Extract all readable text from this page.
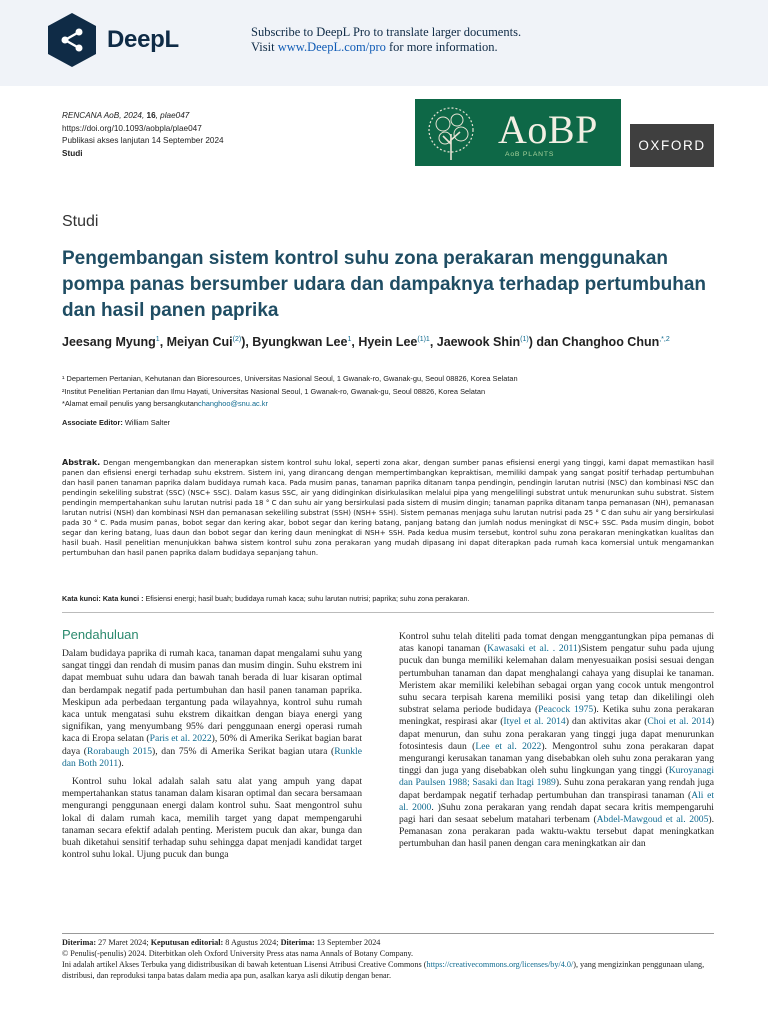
DeepL	Subscribe to DeepL Pro to translate larger documents.
Visit www.DeepL.com/pro for more information.
RENCANA AoB, 2024, 16, plae047
https://doi.org/10.1093/aobpla/plae047
Publikasi akses lanjutan 14 September 2024
Studi
AoBP
AoB PLANTS
OXFORD
Studi
Pengembangan sistem kontrol suhu zona perakaran menggunakan pompa panas bersumber udara dan dampaknya terhadap pertumbuhan dan hasil panen paprika
Jeesang Myung$^1$, Meiyan Cui$^{(2)}$), Byungkwan Lee$^1$, Hyein Lee$^{(1)1}$, Jaewook Shin$^{(1)}$) dan Changhoo Chun$^{,*,2}$
¹ Departemen Pertanian, Kehutanan dan Bioresources, Universitas Nasional Seoul, 1 Gwanak-ro, Gwanak-gu, Seoul 08826, Korea Selatan
²Institut Penelitian Pertanian dan Ilmu Hayati, Universitas Nasional Seoul, 1 Gwanak-ro, Gwanak-gu, Seoul 08826, Korea Selatan
*Alamat email penulis yang bersangkutanchanghoo@snu.ac.kr
Associate Editor: William Salter
Abstrak. Dengan mengembangkan dan menerapkan sistem kontrol suhu lokal, seperti zona akar, dengan sumber panas efisiensi energi yang tinggi, kami dapat memastikan hasil panen dan efisiensi energi terhadap suhu ekstrem. Sistem ini, yang dirancang dengan mempertimbangkan kepraktisan, memiliki dampak yang sangat positif terhadap pertumbuhan dan hasil panen tanaman paprika dalam budidaya rumah kaca. Pada musim panas, tanaman paprika ditanam tanpa pendingin, pendingin larutan nutrisi (NSC) dan kombinasi NSC dan pendingin sekeliling substrat (SSC) (NSC+ SSC). Dalam kasus SSC, air yang didinginkan disirkulasikan melalui pipa yang mengelilingi substrat untuk menurunkan suhu substrat. Sistem pendingin mempertahankan suhu larutan nutrisi pada 18 ° C dan suhu air yang bersirkulasi pada sistem di musim dingin; tanaman paprika ditanam tanpa pemanasan (NH), pemanasan larutan nutrisi (NSH) dan kombinasi NSH dan pemanasan sekeliling substrat (SSH) (NSH+ SSH). Sistem pemanas menjaga suhu larutan nutrisi pada 25 ° C dan suhu air yang bersirkulasi pada 30 ° C. Pada musim panas, bobot segar dan kering akar, bobot segar dan kering batang, panjang batang dan jumlah nodus meningkat di NSC+ SSC. Pada musim dingin, bobot segar dan kering batang, luas daun dan bobot segar dan kering daun meningkat di NSH+ SSH. Pada kedua musim tersebut, kontrol suhu zona perakaran meningkatkan kualitas dan hasil buah. Hasil penelitian menunjukkan bahwa sistem kontrol suhu zona perakaran yang mudah dipasang ini dapat diterapkan pada rumah kaca komersial untuk mengamankan pertumbuhan dan hasil panen paprika dalam budidaya sepanjang tahun.
Kata kunci: Kata kunci : Efisiensi energi; hasil buah; budidaya rumah kaca; suhu larutan nutrisi; paprika; suhu zona perakaran.
Pendahuluan

Dalam budidaya paprika di rumah kaca, tanaman dapat mengalami suhu yang sangat tinggi dan rendah di musim panas dan musim dingin. Suhu ekstrem ini dapat membuat suhu udara dan bawah tanah berada di luar kisaran optimal dan berdampak negatif pada pertumbuhan dan hasil panen tanaman paprika. Meskipun ada perbedaan tergantung pada wilayahnya, kontrol suhu rumah kaca untuk mengatasi suhu ekstrem dikaitkan dengan biaya energi yang signifikan, yang menyumbang 95% dari penggunaan energi operasi rumah kaca di Eropa selatan (Paris et al. 2022), 50% di Amerika Serikat bagian barat daya (Rorabaugh 2015), dan 75% di Amerika Serikat bagian utara (Runkle dan Both 2011).

Kontrol suhu lokal adalah salah satu alat yang ampuh yang dapat mempertahankan status tanaman dalam kisaran optimal dan secara bersamaan mengurangi penggunaan energi dalam kontrol suhu. Saat mengontrol suhu lokal di dalam rumah kaca, memilih target yang dapat mempengaruhi tanaman secara efektif adalah penting. Meristem pucuk dan akar, bunga dan buah diketahui sensitif terhadap suhu sehingga dapat menjadi kandidat target kontrol suhu lokal. Ujung pucuk dan bunga

Kontrol suhu telah diteliti pada tomat dengan menggantungkan pipa pemanas di atas kanopi tanaman (Kawasaki et al. . 2011)Sistem pengatur suhu pada ujung pucuk dan bunga memiliki kelemahan dalam menyesuaikan posisi sesuai dengan pertumbuhan tanaman dan dapat menghalangi cahaya yang disuplai ke tanaman. Meristem akar memiliki kelebihan sebagai organ yang cocok untuk mengontrol suhu secara terpisah karena memiliki posisi yang tetap dan dikelilingi oleh substrat selama periode budidaya (Peacock 1975). Ketika suhu zona perakaran meningkat, respirasi akar (Ityel et al. 2014) dan aktivitas akar (Choi et al. 2014) dapat menurun, dan suhu zona perakaran yang tinggi juga dapat menurunkan fotosintesis daun (Lee et al. 2022). Mengontrol suhu zona perakaran dapat mengurangi kerusakan tanaman yang disebabkan oleh suhu zona perakaran yang tinggi dan juga yang disebabkan oleh suhu lingkungan yang tinggi (Kuroyanagi dan Paulsen 1988; Sasaki dan Itagi 1989). Suhu zona perakaran yang rendah juga dapat berdampak negatif terhadap pertumbuhan dan transpirasi tanaman (Ali et al. 2000. )Suhu zona perakaran yang rendah dapat secara kritis mempengaruhi pagi hari dan sesaat sebelum matahari terbenam (Abdel-Mawgoud et al. 2005). Pemanasan zona perakaran pada waktu-waktu tersebut dapat meningkatkan pertumbuhan dan hasil panen dengan cara meningkatkan air dan

Diterima: 27 Maret 2024; Keputusan editorial: 8 Agustus 2024; Diterima: 13 September 2024
© Penulis(-penulis) 2024. Diterbitkan oleh Oxford University Press atas nama Annals of Botany Company.
Ini adalah artikel Akses Terbuka yang didistribusikan di bawah ketentuan Lisensi Atribusi Creative Commons (https://creativecommons.org/licenses/by/4.0/), yang mengizinkan penggunaan ulang, distribusi, dan reproduksi tanpa batas dalam media apa pun, asalkan karya asli dikutip dengan benar.
